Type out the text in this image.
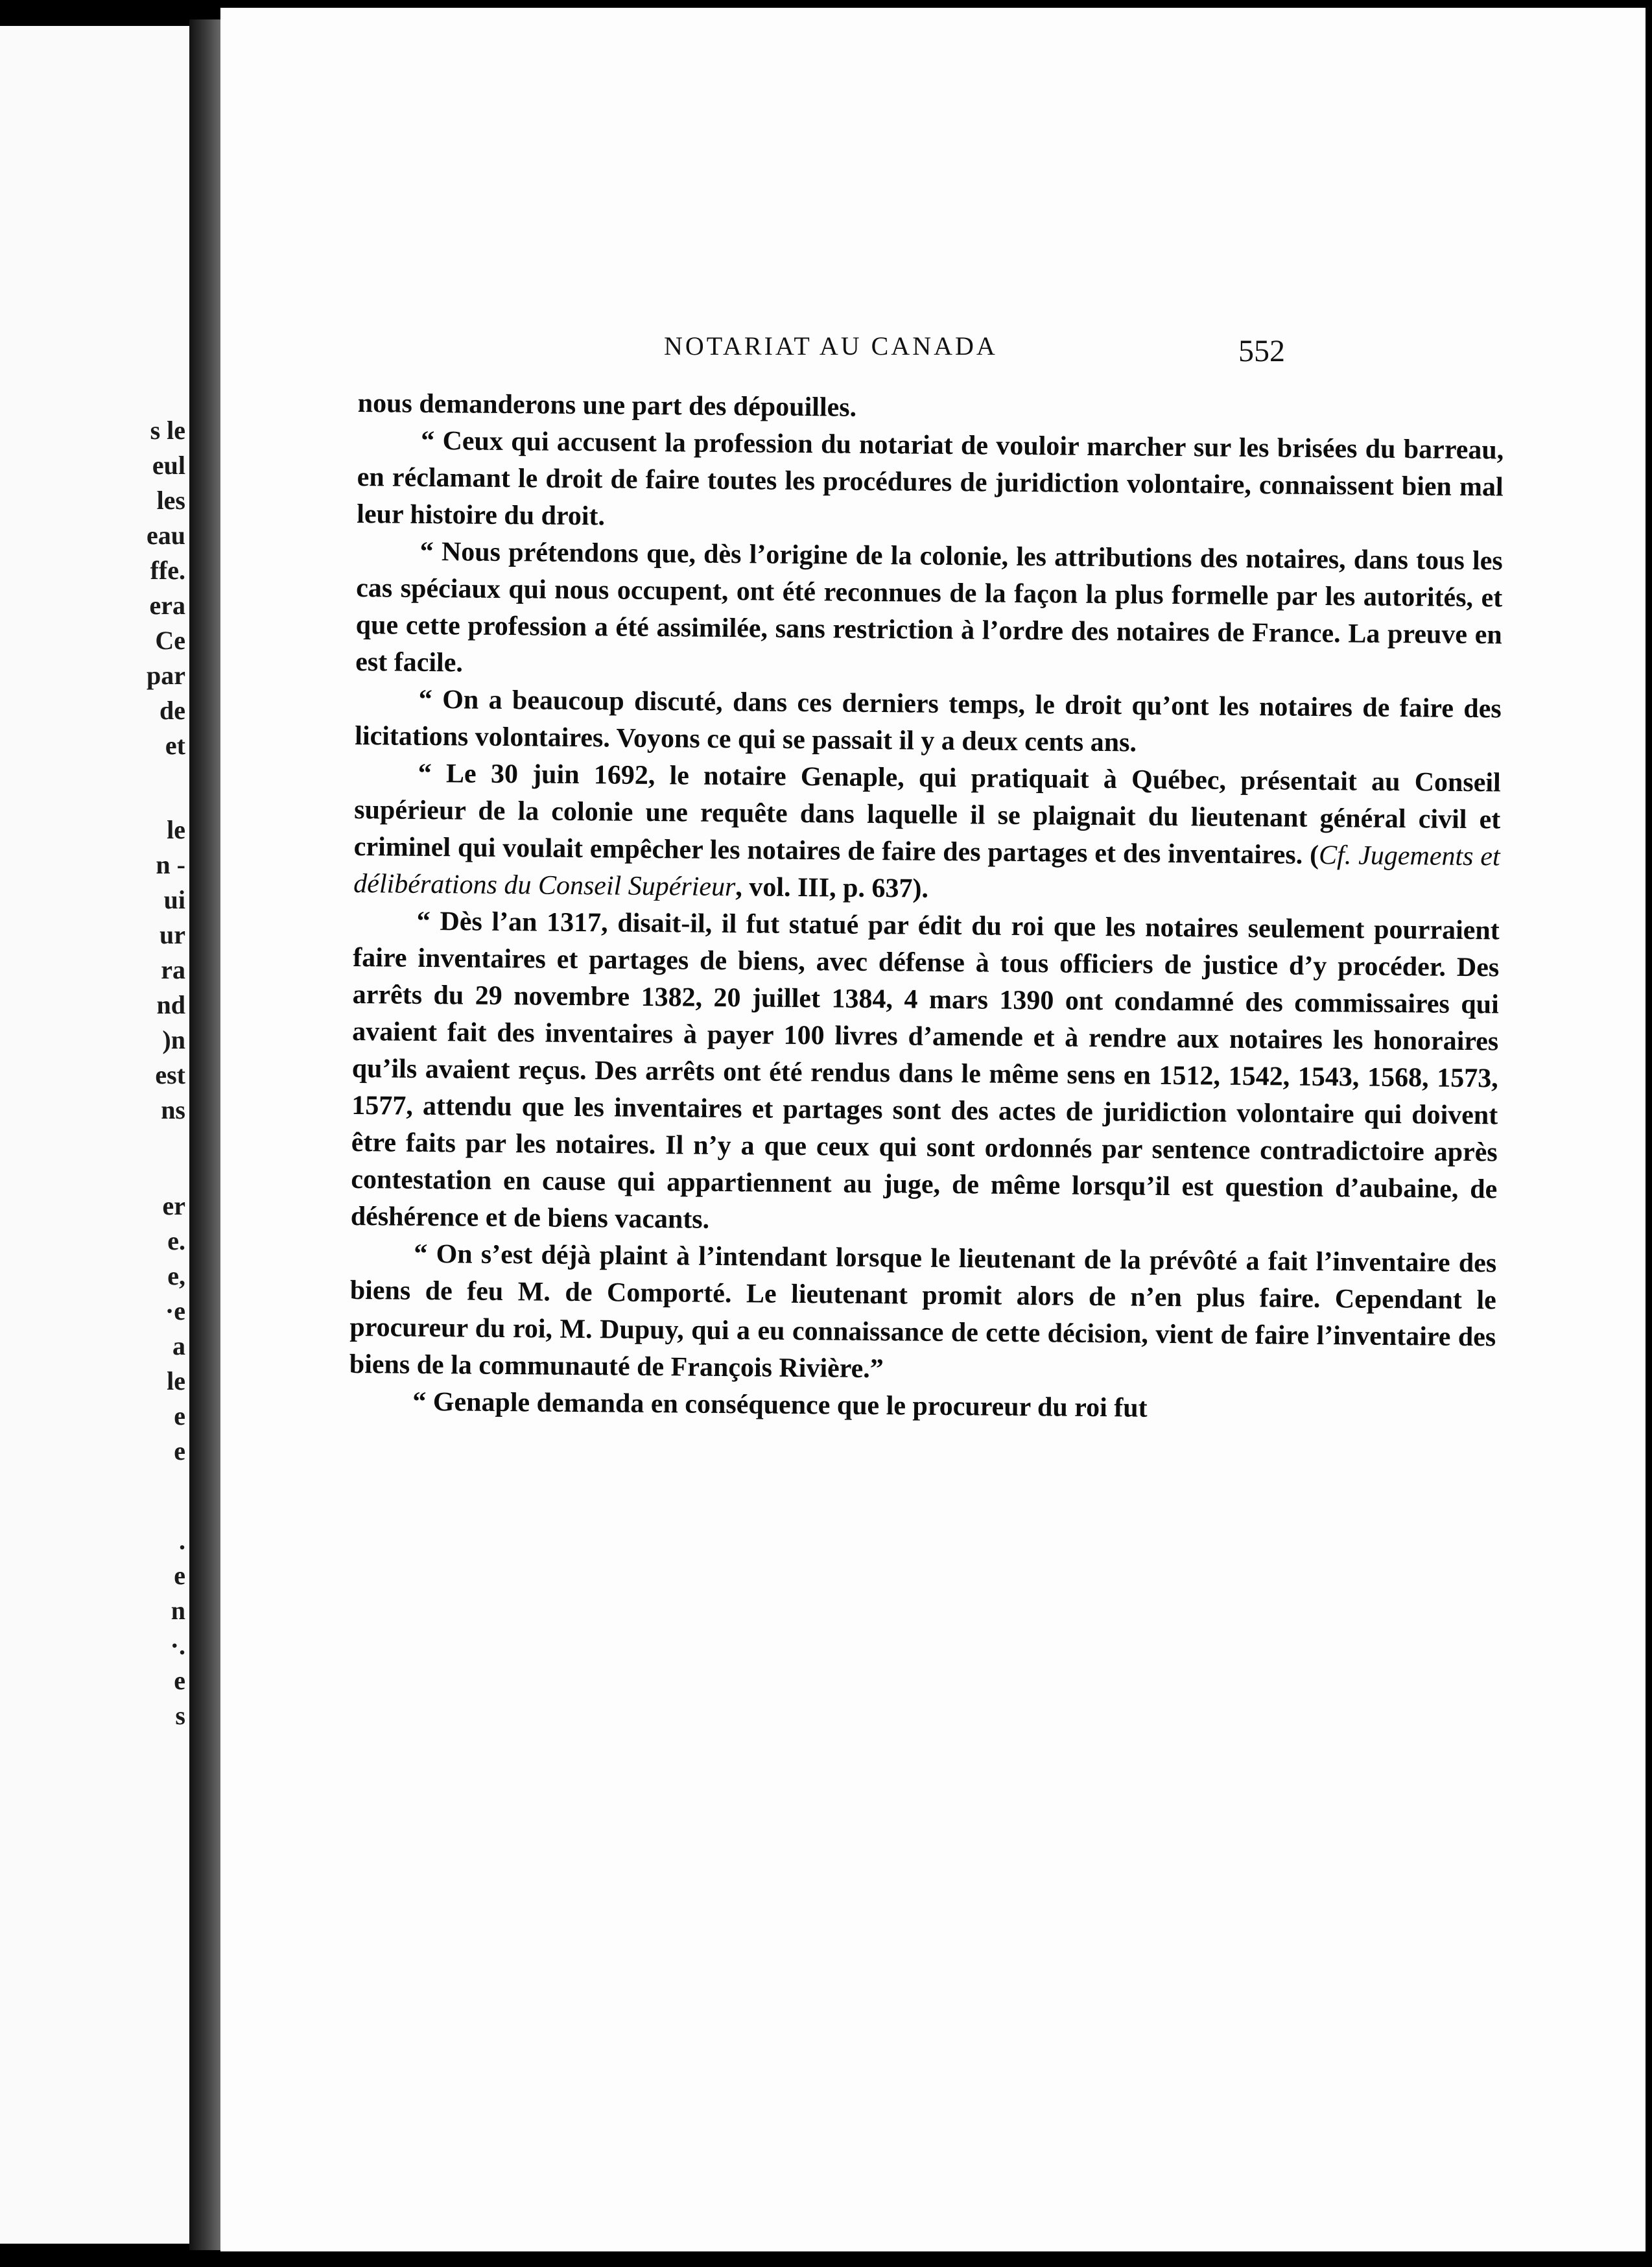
s le
eul
les
eau
ffe.
era
Ce
par
de
et
le
n -
ui
ur
ra
nd
)n
est
ns
er
e.
e,
·e
a
le
e
e
.
e
n
·.
e
s
NOTARIAT AU CANADA	552

nous demanderons une part des dépouilles.

“ Ceux qui accusent la profession du notariat de vouloir marcher sur les brisées du barreau, en réclamant le droit de faire toutes les procédures de juridiction volontaire, connaissent bien mal leur histoire du droit.

“ Nous prétendons que, dès l’origine de la colonie, les attributions des notaires, dans tous les cas spéciaux qui nous occupent, ont été reconnues de la façon la plus formelle par les autorités, et que cette profession a été assimilée, sans restriction à l’ordre des notaires de France. La preuve en est facile.

“ On a beaucoup discuté, dans ces derniers temps, le droit qu’ont les notaires de faire des licitations volontaires. Voyons ce qui se passait il y a deux cents ans.

“ Le 30 juin 1692, le notaire Genaple, qui pratiquait à Québec, présentait au Conseil supérieur de la colonie une requête dans laquelle il se plaignait du lieutenant général civil et criminel qui voulait empêcher les notaires de faire des partages et des inventaires. (Cf. Jugements et délibérations du Conseil Supérieur, vol. III, p. 637).

“ Dès l’an 1317, disait-il, il fut statué par édit du roi que les notaires seulement pourraient faire inventaires et partages de biens, avec défense à tous officiers de justice d’y procéder. Des arrêts du 29 novembre 1382, 20 juillet 1384, 4 mars 1390 ont condamné des commissaires qui avaient fait des inventaires à payer 100 livres d’amende et à rendre aux notaires les honoraires qu’ils avaient reçus. Des arrêts ont été rendus dans le même sens en 1512, 1542, 1543, 1568, 1573, 1577, attendu que les inventaires et partages sont des actes de juridiction volontaire qui doivent être faits par les notaires. Il n’y a que ceux qui sont ordonnés par sentence contradictoire après contestation en cause qui appartiennent au juge, de même lorsqu’il est question d’aubaine, de déshérence et de biens vacants.

“ On s’est déjà plaint à l’intendant lorsque le lieutenant de la prévôté a fait l’inventaire des biens de feu M. de Comporté. Le lieutenant promit alors de n’en plus faire. Cependant le procureur du roi, M. Dupuy, qui a eu connaissance de cette décision, vient de faire l’inventaire des biens de la communauté de François Rivière.”

“ Genaple demanda en conséquence que le procureur du roi fut
